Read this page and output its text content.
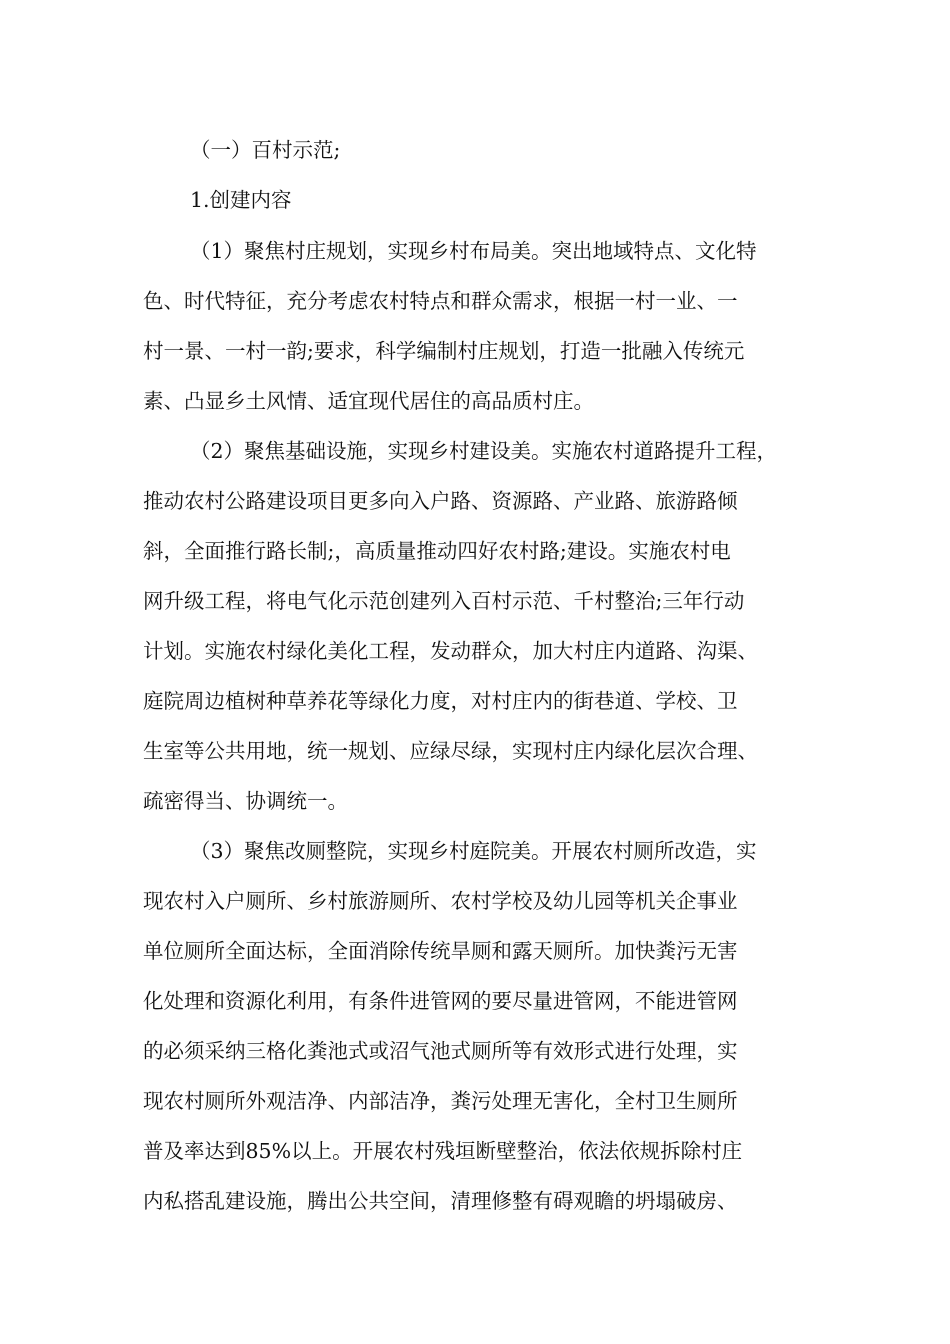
（一）百村示范;
1.创建内容
（1）聚焦村庄规划，实现乡村布局美。突出地域特点、文化特
色、时代特征，充分考虑农村特点和群众需求，根据一村一业、一
村一景、一村一韵;要求，科学编制村庄规划，打造一批融入传统元
素、凸显乡土风情、适宜现代居住的高品质村庄。
（2）聚焦基础设施，实现乡村建设美。实施农村道路提升工程，
推动农村公路建设项目更多向入户路、资源路、产业路、旅游路倾
斜，全面推行路长制;，高质量推动四好农村路;建设。实施农村电
网升级工程，将电气化示范创建列入百村示范、千村整治;三年行动
计划。实施农村绿化美化工程，发动群众，加大村庄内道路、沟渠、
庭院周边植树种草养花等绿化力度，对村庄内的街巷道、学校、卫
生室等公共用地，统一规划、应绿尽绿，实现村庄内绿化层次合理、
疏密得当、协调统一。
（3）聚焦改厕整院，实现乡村庭院美。开展农村厕所改造，实
现农村入户厕所、乡村旅游厕所、农村学校及幼儿园等机关企事业
单位厕所全面达标，全面消除传统旱厕和露天厕所。加快粪污无害
化处理和资源化利用，有条件进管网的要尽量进管网，不能进管网
的必须采纳三格化粪池式或沼气池式厕所等有效形式进行处理，实
现农村厕所外观洁净、内部洁净，粪污处理无害化，全村卫生厕所
普及率达到85%以上。开展农村残垣断壁整治，依法依规拆除村庄
内私搭乱建设施，腾出公共空间，清理修整有碍观瞻的坍塌破房、
